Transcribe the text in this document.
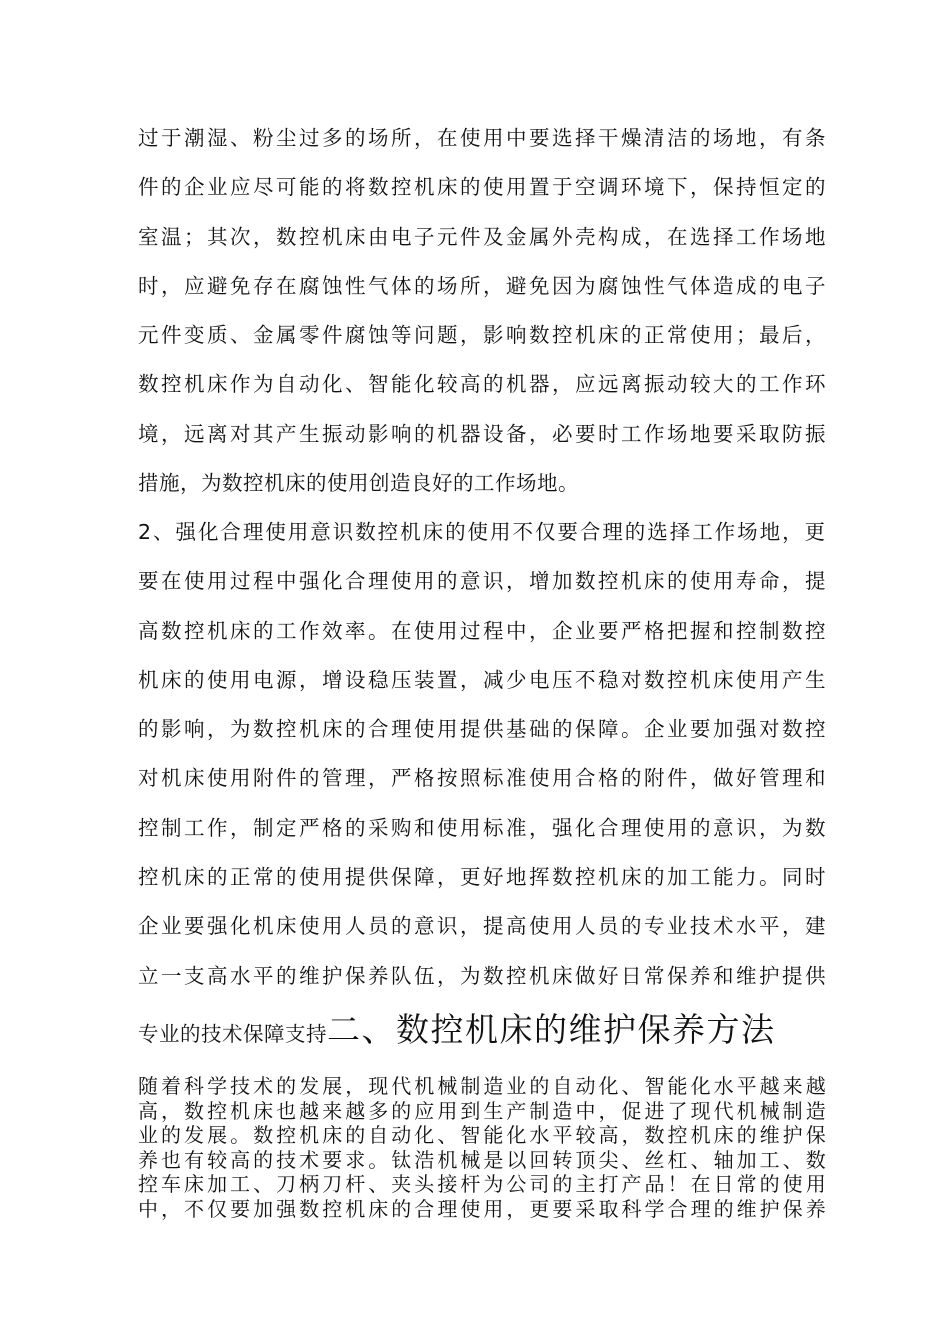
过于潮湿、粉尘过多的场所，在使用中要选择干燥清洁的场地，有条
件的企业应尽可能的将数控机床的使用置于空调环境下，保持恒定的
室温；其次，数控机床由电子元件及金属外壳构成，在选择工作场地
时，应避免存在腐蚀性气体的场所，避免因为腐蚀性气体造成的电子
元件变质、金属零件腐蚀等问题，影响数控机床的正常使用；最后，
数控机床作为自动化、智能化较高的机器，应远离振动较大的工作环
境，远离对其产生振动影响的机器设备，必要时工作场地要采取防振
措施，为数控机床的使用创造良好的工作场地。
2、强化合理使用意识数控机床的使用不仅要合理的选择工作场地，更
要在使用过程中强化合理使用的意识，增加数控机床的使用寿命，提
高数控机床的工作效率。在使用过程中，企业要严格把握和控制数控
机床的使用电源，增设稳压装置，减少电压不稳对数控机床使用产生
的影响，为数控机床的合理使用提供基础的保障。企业要加强对数控
对机床使用附件的管理，严格按照标准使用合格的附件，做好管理和
控制工作，制定严格的采购和使用标准，强化合理使用的意识，为数
控机床的正常的使用提供保障，更好地挥数控机床的加工能力。同时
企业要强化机床使用人员的意识，提高使用人员的专业技术水平，建
立一支高水平的维护保养队伍，为数控机床做好日常保养和维护提供
专业的技术保障支持二、数控机床的维护保养方法
随着科学技术的发展，现代机械制造业的自动化、智能化水平越来越
高，数控机床也越来越多的应用到生产制造中，促进了现代机械制造
业的发展。数控机床的自动化、智能化水平较高，数控机床的维护保
养也有较高的技术要求。钛浩机械是以回转顶尖、丝杠、轴加工、数
控车床加工、刀柄刀杆、夹头接杆为公司的主打产品！在日常的使用
中，不仅要加强数控机床的合理使用，更要采取科学合理的维护保养
